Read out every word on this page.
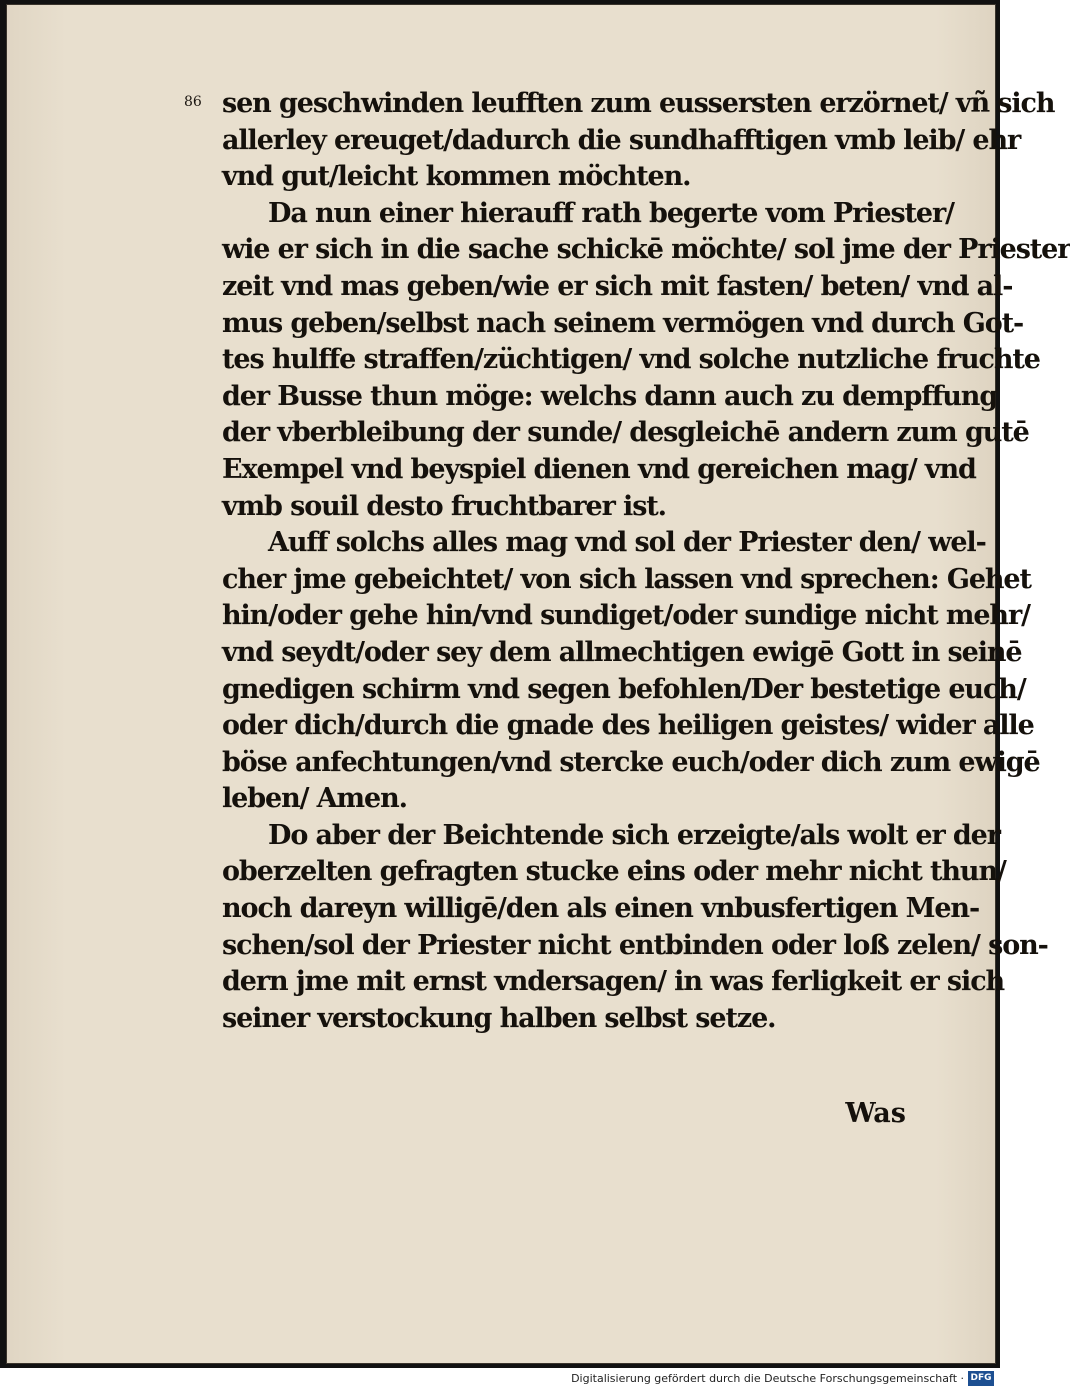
86 sen geschwinden leufften zum eussersten erzörnet/ vñ sich
allerley ereuget/dadurch die sundhafftigen vmb leib/ ehr
vnd gut/leicht kommen möchten.
Da nun einer hierauff rath begerte vom Priester/
wie er sich in die sache schickē möchte/ sol jme der Priester
zeit vnd mas geben/wie er sich mit fasten/ beten/ vnd al-
mus geben/selbst nach seinem vermögen vnd durch Got-
tes hulffe straffen/züchtigen/ vnd solche nutzliche fruchte
der Busse thun möge: welchs dann auch zu dempffung
der vberbleibung der sunde/ desgleichē andern zum gutē
Exempel vnd beyspiel dienen vnd gereichen mag/ vnd
vmb souil desto fruchtbarer ist.
Auff solchs alles mag vnd sol der Priester den/ wel-
cher jme gebeichtet/ von sich lassen vnd sprechen: Gehet
hin/oder gehe hin/vnd sundiget/oder sundige nicht mehr/
vnd seydt/oder sey dem allmechtigen ewigē Gott in seinē
gnedigen schirm vnd segen befohlen/Der bestetige euch/
oder dich/durch die gnade des heiligen geistes/ wider alle
böse anfechtungen/vnd stercke euch/oder dich zum ewigē
leben/ Amen.
Do aber der Beichtende sich erzeigte/als wolt er der
oberzelten gefragten stucke eins oder mehr nicht thun/
noch dareyn willigē/den als einen vnbusfertigen Men-
schen/sol der Priester nicht entbinden oder loß zelen/ son-
dern jme mit ernst vndersagen/ in was ferligkeit er sich
seiner verstockung halben selbst setze.
Was
Digitalisierung gefördert durch die Deutsche Forschungsgemeinschaft · DFG
